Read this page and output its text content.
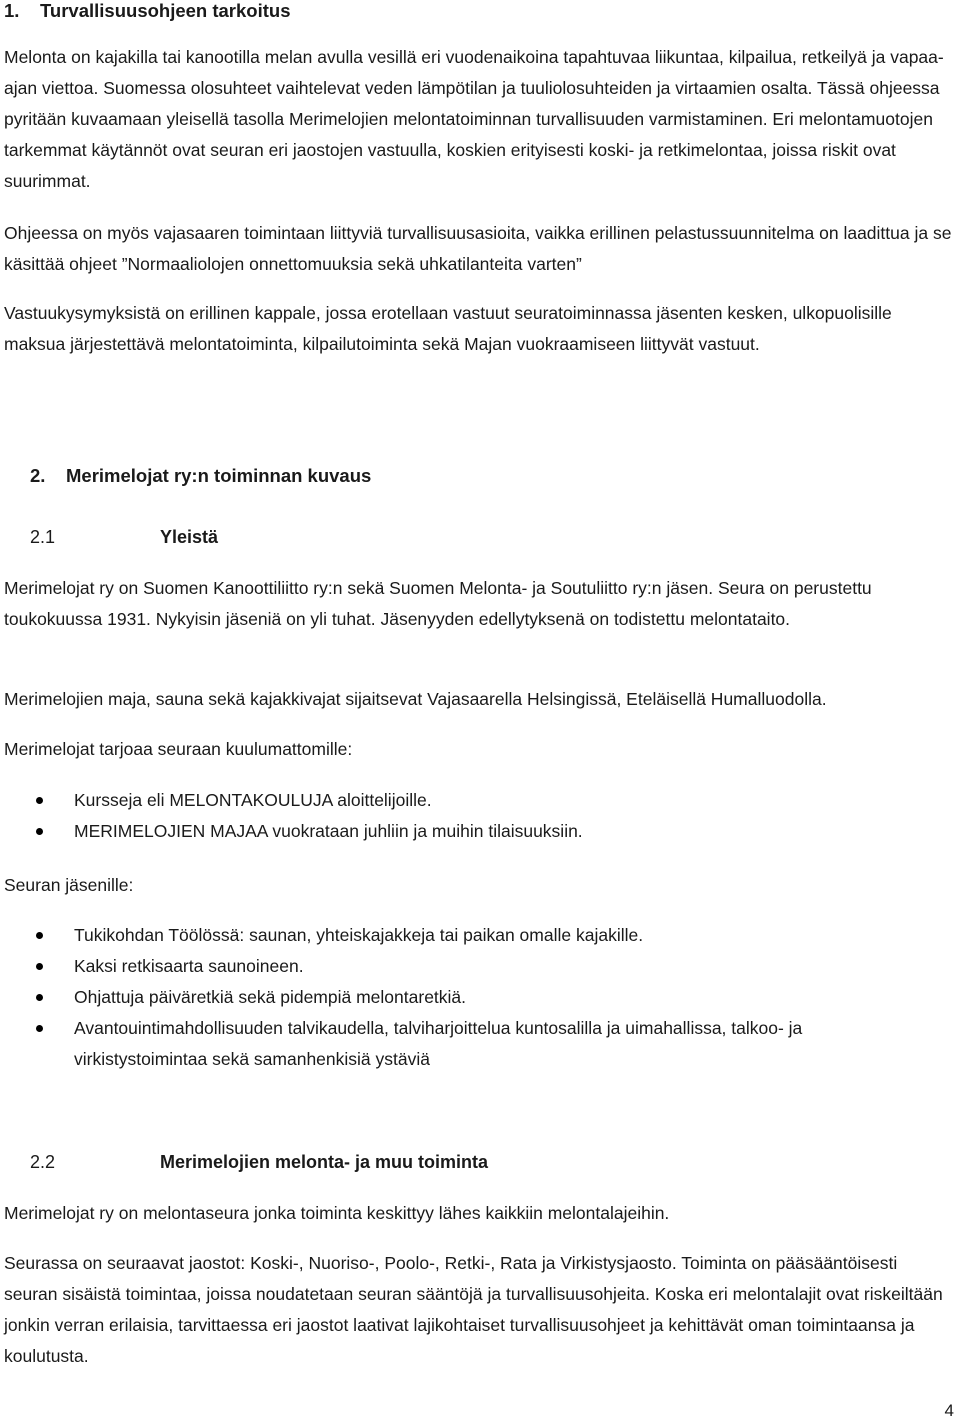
1. Turvallisuusohjeen tarkoitus
Melonta on kajakilla tai kanootilla melan avulla vesillä eri vuodenaikoina tapahtuvaa liikuntaa, kilpailua, retkeilyä ja vapaa-ajan viettoa. Suomessa olosuhteet vaihtelevat veden lämpötilan ja tuuliolosuhteiden ja virtaamien osalta. Tässä ohjeessa pyritään kuvaamaan yleisellä tasolla Merimelojien melontatoiminnan turvallisuuden varmistaminen. Eri melontamuotojen tarkemmat käytännöt ovat seuran eri jaostojen vastuulla, koskien erityisesti koski- ja retkimelontaa, joissa riskit ovat suurimmat.
Ohjeessa on myös vajasaaren toimintaan liittyviä turvallisuusasioita, vaikka erillinen pelastussuunnitelma on laadittua ja se käsittää ohjeet ”Normaaliolojen onnettomuuksia sekä uhkatilanteita varten”
Vastuukysymyksistä on erillinen kappale, jossa erotellaan vastuut seuratoiminnassa jäsenten kesken, ulkopuolisille maksua järjestettävä melontatoiminta, kilpailutoiminta sekä Majan vuokraamiseen liittyvät vastuut.
2. Merimelojat ry:n toiminnan kuvaus
2.1	Yleistä
Merimelojat ry on Suomen Kanoottiliitto ry:n sekä Suomen Melonta- ja Soutuliitto ry:n jäsen. Seura on perustettu toukokuussa 1931. Nykyisin jäseniä on yli tuhat. Jäsenyyden edellytyksenä on todistettu melontataito.
Merimelojien maja, sauna sekä kajakkivajat sijaitsevat Vajasaarella Helsingissä, Eteläisellä Humalluodolla.
Merimelojat tarjoaa seuraan kuulumattomille:
Kursseja eli MELONTAKOULUJA aloittelijoille.
MERIMELOJIEN MAJAA vuokrataan juhliin ja muihin tilaisuuksiin.
Seuran jäsenille:
Tukikohdan Töölössä: saunan, yhteiskajakkeja tai paikan omalle kajakille.
Kaksi retkisaarta saunoineen.
Ohjattuja päiväretkiä sekä pidempiä melontaretkiä.
Avantouintimahdollisuuden talvikaudella, talviharjoittelua kuntosalilla ja uimahallissa, talkoo- ja virkistystoimintaa sekä samanhenkisiä ystäviä
2.2	Merimelojien melonta- ja muu toiminta
Merimelojat ry on melontaseura jonka toiminta keskittyy lähes kaikkiin melontalajeihin.
Seurassa on seuraavat jaostot: Koski-, Nuoriso-, Poolo-, Retki-, Rata ja Virkistysjaosto. Toiminta on pääsääntöisesti seuran sisäistä toimintaa, joissa noudatetaan seuran sääntöjä ja turvallisuusohjeita. Koska eri melontalajit ovat riskeiltään jonkin verran erilaisia, tarvittaessa eri jaostot laativat lajikohtaiset turvallisuusohjeet ja kehittävät oman toimintaansa ja koulutusta.
4
